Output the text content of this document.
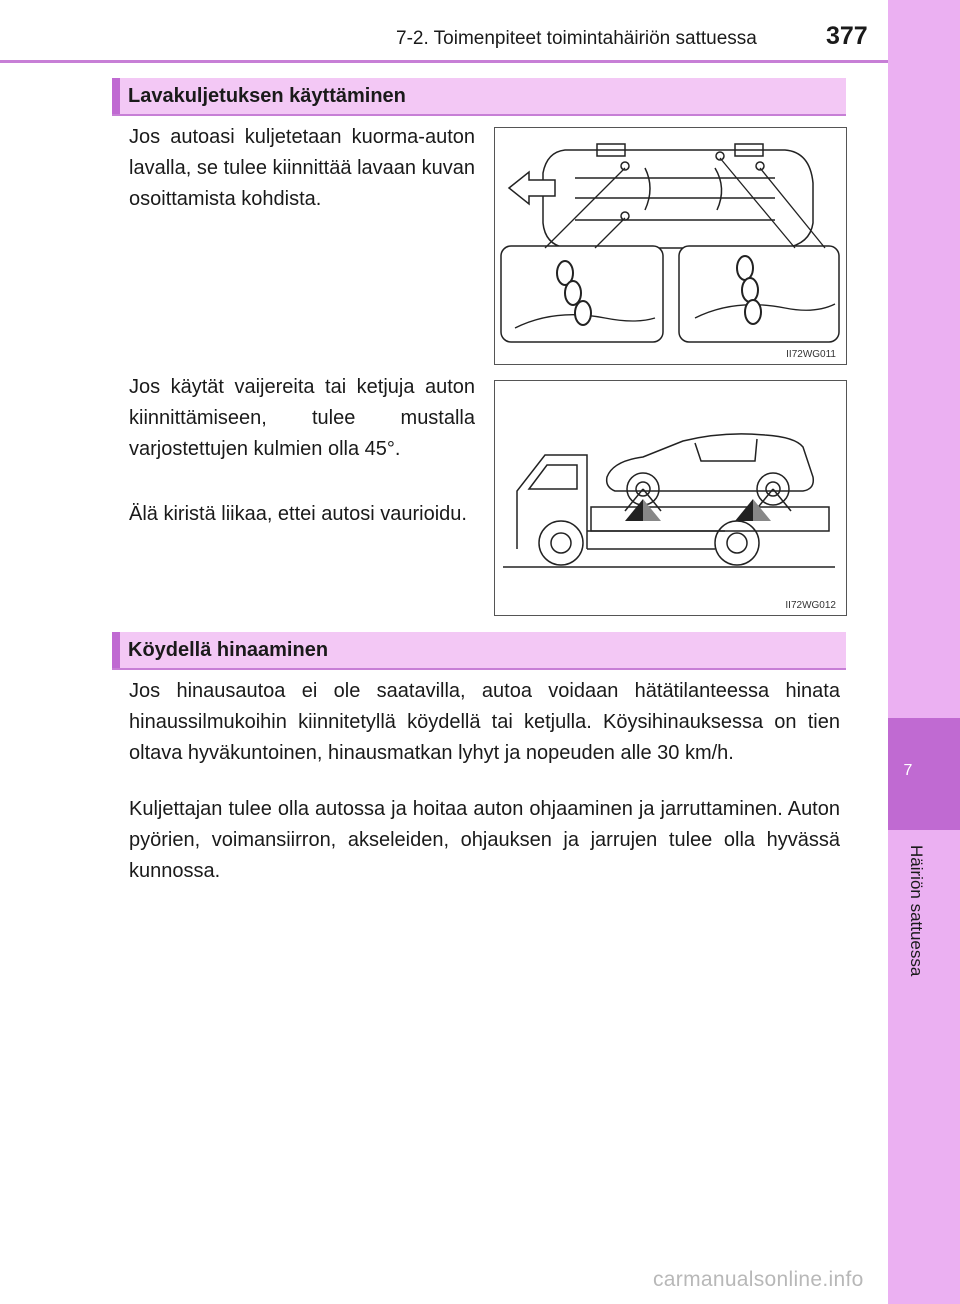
7-2. Toimenpiteet toimintahäiriön sattuessa	377
7
Häiriön sattuessa
Lavakuljetuksen käyttäminen
Jos autoasi kuljetetaan kuorma-auton lavalla, se tulee kiinnittää lavaan kuvan osoittamista kohdista.
Jos käytät vaijereita tai ketjuja auton kiinnittämiseen, tulee mustalla varjostettujen kulmien olla 45°.
Älä kiristä liikaa, ettei autosi vaurioidu.
II72WG011
II72WG012
Köydellä hinaaminen
Jos hinausautoa ei ole saatavilla, autoa voidaan hätätilanteessa hinata hinaussilmukoihin kiinnitetyllä köydellä tai ketjulla. Köysihinauksessa on tien oltava hyväkuntoinen, hinausmatkan lyhyt ja nopeuden alle 30 km/h.
Kuljettajan tulee olla autossa ja hoitaa auton ohjaaminen ja jarruttaminen. Auton pyörien, voimansiirron, akseleiden, ohjauksen ja jarrujen tulee olla hyvässä kunnossa.
carmanualsonline.info
